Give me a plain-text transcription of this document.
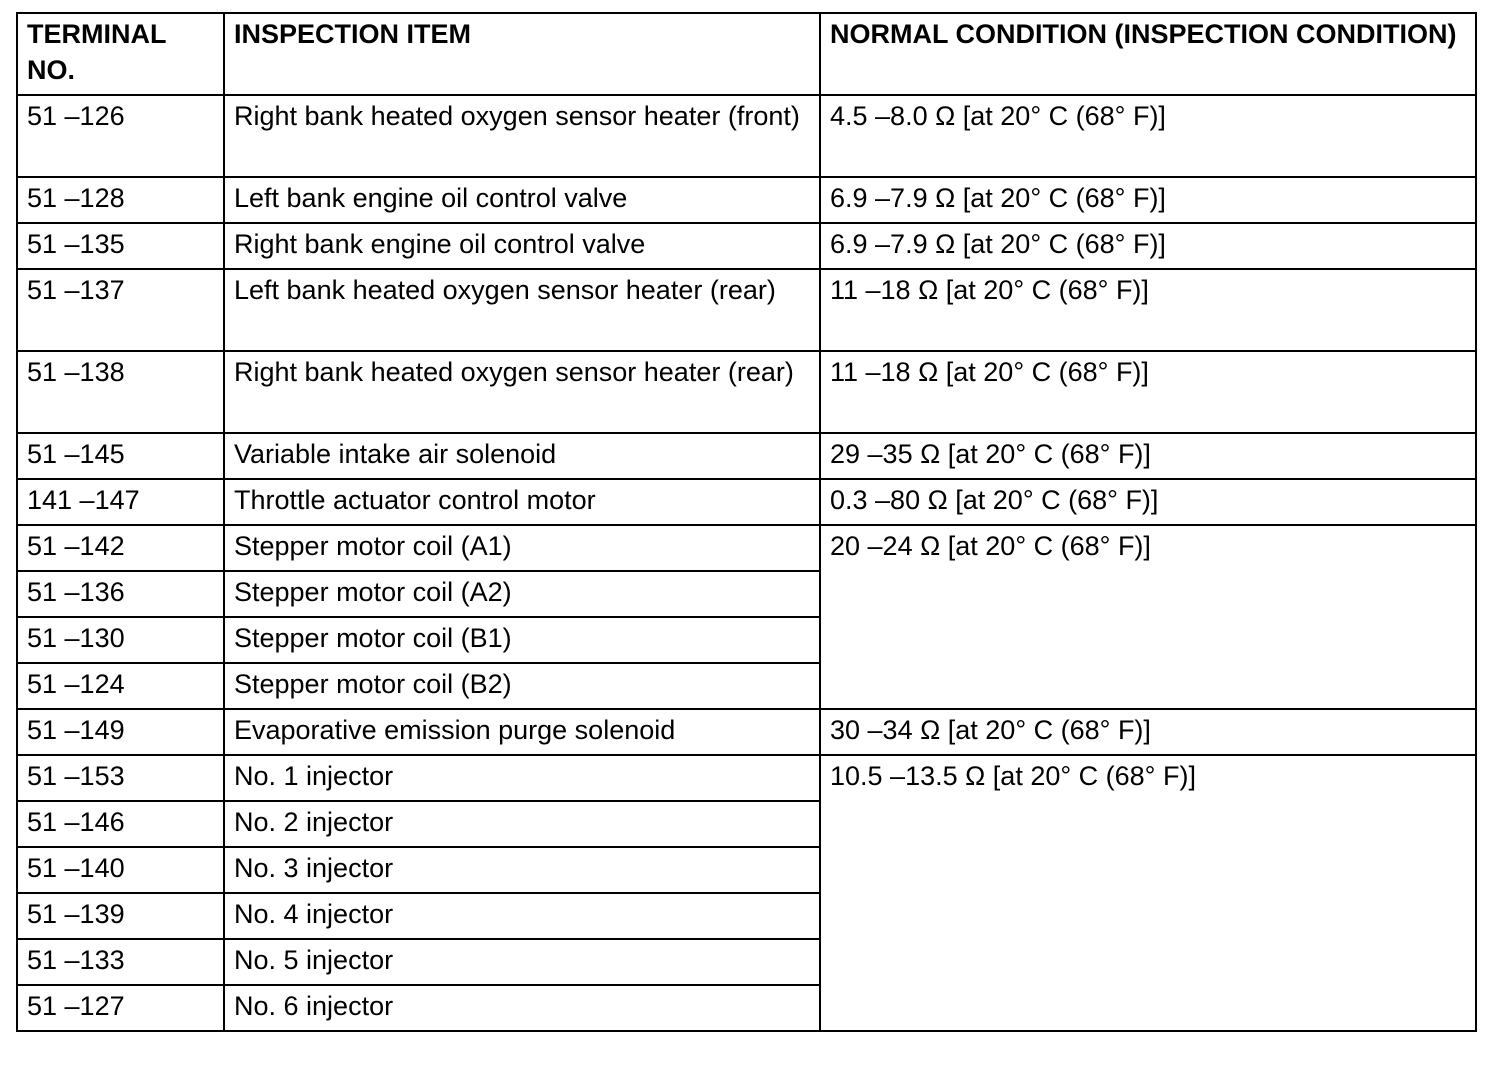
TERMINAL NO.	INSPECTION ITEM	NORMAL CONDITION (INSPECTION CONDITION)
51 –126	Right bank heated oxygen sensor heater (front)	4.5 –8.0 Ω [at 20° C (68° F)]
51 –128	Left bank engine oil control valve	6.9 –7.9 Ω [at 20° C (68° F)]
51 –135	Right bank engine oil control valve	6.9 –7.9 Ω [at 20° C (68° F)]
51 –137	Left bank heated oxygen sensor heater (rear)	11 –18 Ω [at 20° C (68° F)]
51 –138	Right bank heated oxygen sensor heater (rear)	11 –18 Ω [at 20° C (68° F)]
51 –145	Variable intake air solenoid	29 –35 Ω [at 20° C (68° F)]
141 –147	Throttle actuator control motor	0.3 –80 Ω [at 20° C (68° F)]
51 –142	Stepper motor coil (A1)	20 –24 Ω [at 20° C (68° F)]
51 –136	Stepper motor coil (A2)	
51 –130	Stepper motor coil (B1)	
51 –124	Stepper motor coil (B2)	
51 –149	Evaporative emission purge solenoid	30 –34 Ω [at 20° C (68° F)]
51 –153	No. 1 injector	10.5 –13.5 Ω [at 20° C (68° F)]
51 –146	No. 2 injector	
51 –140	No. 3 injector	
51 –139	No. 4 injector	
51 –133	No. 5 injector	
51 –127	No. 6 injector	
